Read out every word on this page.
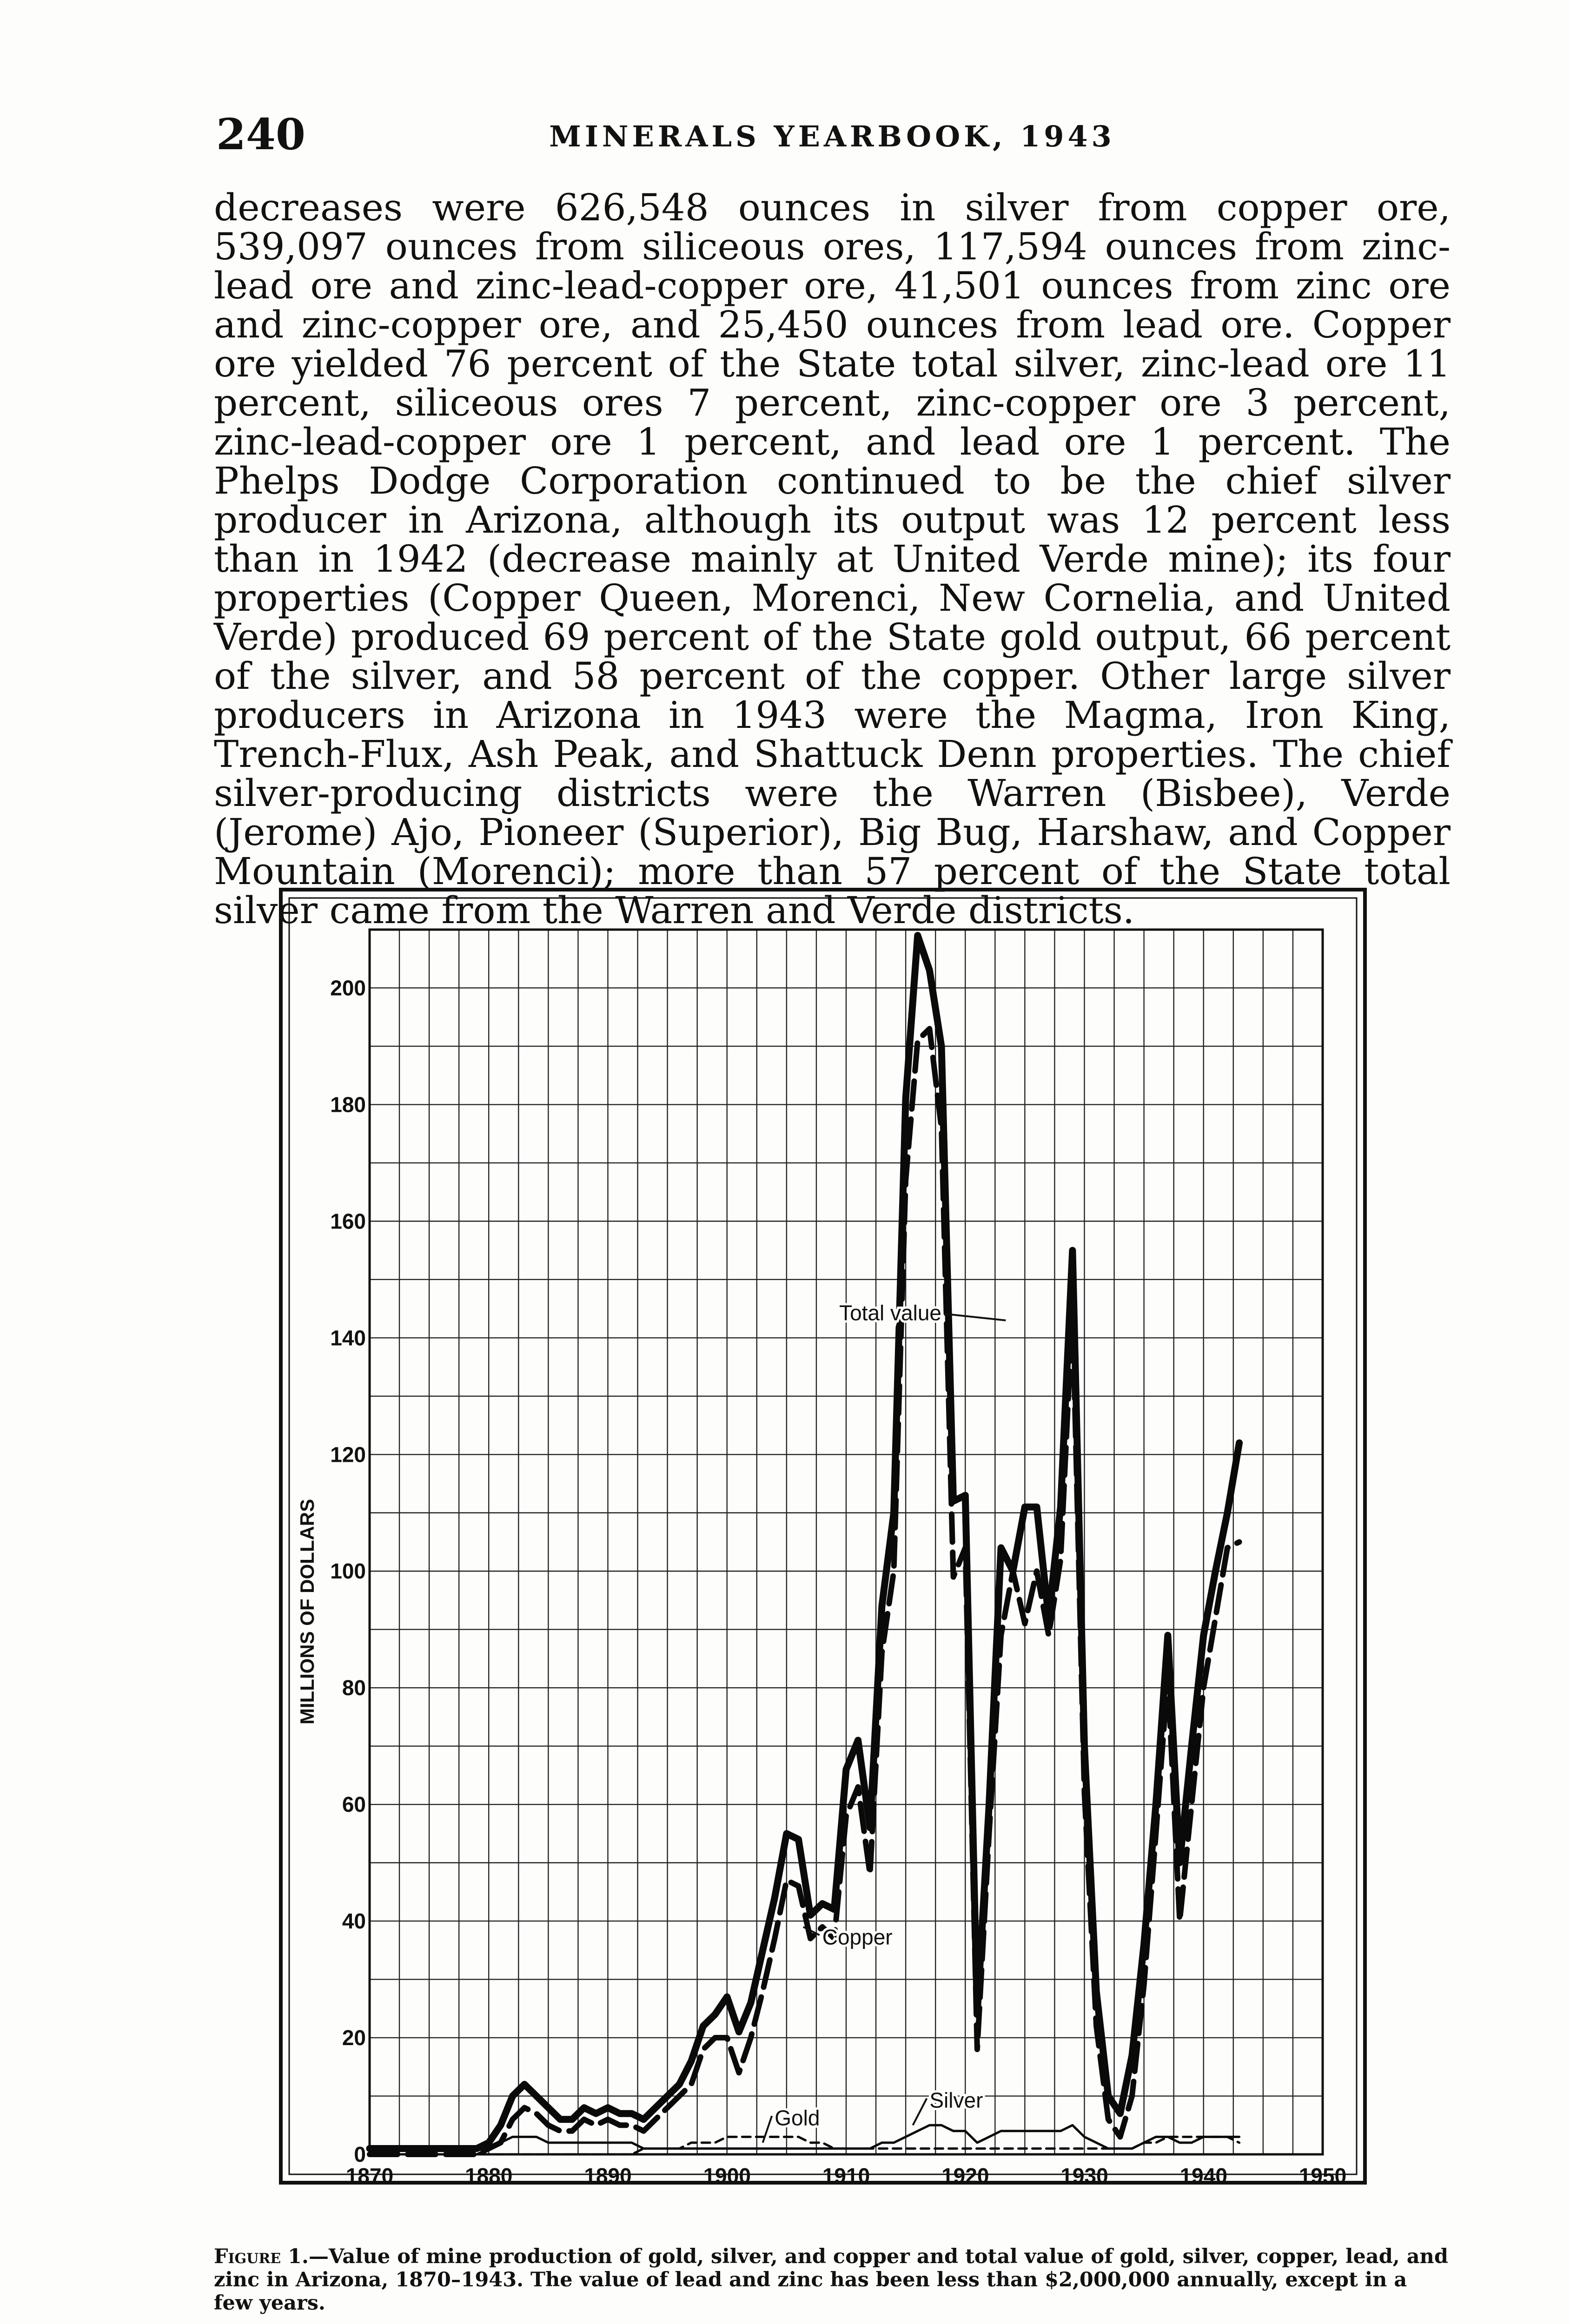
240	MINERALS YEARBOOK, 1943
decreases were 626,548 ounces in silver from copper ore, 539,097 ounces from siliceous ores, 117,594 ounces from zinc-lead ore and zinc-lead-copper ore, 41,501 ounces from zinc ore and zinc-copper ore, and 25,450 ounces from lead ore. Copper ore yielded 76 percent of the State total silver, zinc-lead ore 11 percent, siliceous ores 7 percent, zinc-copper ore 3 percent, zinc-lead-copper ore 1 percent, and lead ore 1 percent. The Phelps Dodge Corporation continued to be the chief silver producer in Arizona, although its output was 12 percent less than in 1942 (decrease mainly at United Verde mine); its four properties (Copper Queen, Morenci, New Cornelia, and United Verde) produced 69 percent of the State gold output, 66 percent of the silver, and 58 percent of the copper. Other large silver producers in Arizona in 1943 were the Magma, Iron King, Trench-Flux, Ash Peak, and Shattuck Denn properties. The chief silver-producing districts were the Warren (Bisbee), Verde (Jerome) Ajo, Pioneer (Superior), Big Bug, Harshaw, and Copper Mountain (Morenci); more than 57 percent of the State total silver came from the Warren and Verde districts.
1870	1880	1890	1900	1910	1920	1930	1940	1950
0
20
40
60
80
100
120
140
160
180
200
MILLIONS OF DOLLARS
Total value
Copper
Silver
Gold
Figure 1.—Value of mine production of gold, silver, and copper and total value of gold, silver, copper, lead, and zinc in Arizona, 1870–1943. The value of lead and zinc has been less than $2,000,000 annually, except in a few years.
